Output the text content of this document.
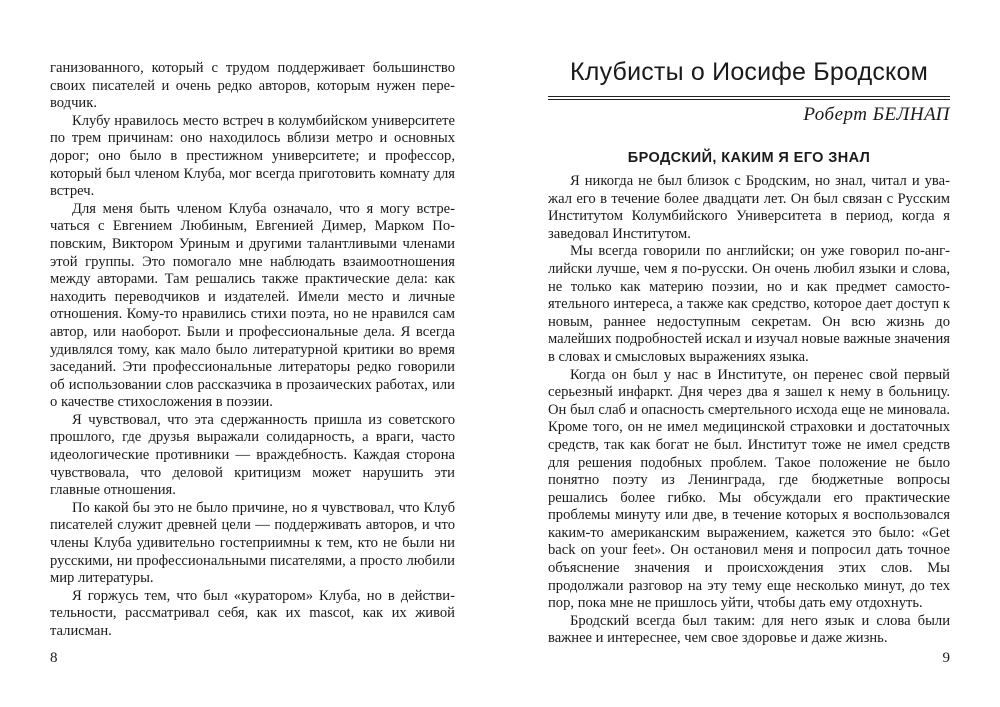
ганизованного, который с трудом поддерживает большинство своих писателей и очень редко авторов, которым нужен переводчик.

Клубу нравилось место встреч в колумбийском университете по трем причинам: оно находилось вблизи метро и основных дорог; оно было в престижном университете; и профессор, который был членом Клуба, мог всегда приготовить комнату для встреч.

Для меня быть членом Клуба означало, что я могу встречаться с Евгением Любиным, Евгенией Димер, Марком Поповским, Виктором Уриным и другими талантливыми членами этой группы. Это помогало мне наблюдать взаимоотношения между авторами. Там решались также практические дела: как находить переводчиков и издателей. Имели место и личные отношения. Кому-то нравились стихи поэта, но не нравился сам автор, или наоборот. Были и профессиональные дела. Я всегда удивлялся тому, как мало было литературной критики во время заседаний. Эти профессиональные литераторы редко говорили об использовании слов рассказчика в прозаических работах, или о качестве стихосложения в поэзии.

Я чувствовал, что эта сдержанность пришла из советского прошлого, где друзья выражали солидарность, а враги, часто идеологические противники — враждебность. Каждая сторона чувствовала, что деловой критицизм может нарушить эти главные отношения.

По какой бы это не было причине, но я чувствовал, что Клуб писателей служит древней цели — поддерживать авторов, и что члены Клуба удивительно гостеприимны к тем, кто не были ни русскими, ни профессиональными писателями, а просто любили мир литературы.

Я горжусь тем, что был «куратором» Клуба, но в действительности, рассматривал себя, как их mascot, как их живой талисман.

8
Клубисты о Иосифе Бродском
Роберт БЕЛНАП
БРОДСКИЙ, КАКИМ Я ЕГО ЗНАЛ

Я никогда не был близок с Бродским, но знал, читал и уважал его в течение более двадцати лет. Он был связан с Русским Институтом Колумбийского Университета в период, когда я заведовал Институтом.

Мы всегда говорили по английски; он уже говорил по-английски лучше, чем я по-русски. Он очень любил языки и слова, не только как материю поэзии, но и как предмет самостоятельного интереса, а также как средство, которое дает доступ к новым, раннее недоступным секретам. Он всю жизнь до малейших подробностей искал и изучал новые важные значения в словах и смысловых выражениях языка.

Когда он был у нас в Институте, он перенес свой первый серьезный инфаркт. Дня через два я зашел к нему в больницу. Он был слаб и опасность смертельного исхода еще не миновала. Кроме того, он не имел медицинской страховки и достаточных средств, так как богат не был. Институт тоже не имел средств для решения подобных проблем. Такое положение не было понятно поэту из Ленинграда, где бюджетные вопросы решались более гибко. Мы обсуждали его практические проблемы минуту или две, в течение которых я воспользовался каким-то американским выражением, кажется это было: «Get back on your feet». Он остановил меня и попросил дать точное объяснение значения и происхождения этих слов. Мы продолжали разговор на эту тему еще несколько минут, до тех пор, пока мне не пришлось уйти, чтобы дать ему отдохнуть.

Бродский всегда был таким: для него язык и слова были важнее и интереснее, чем свое здоровье и даже жизнь.

9
